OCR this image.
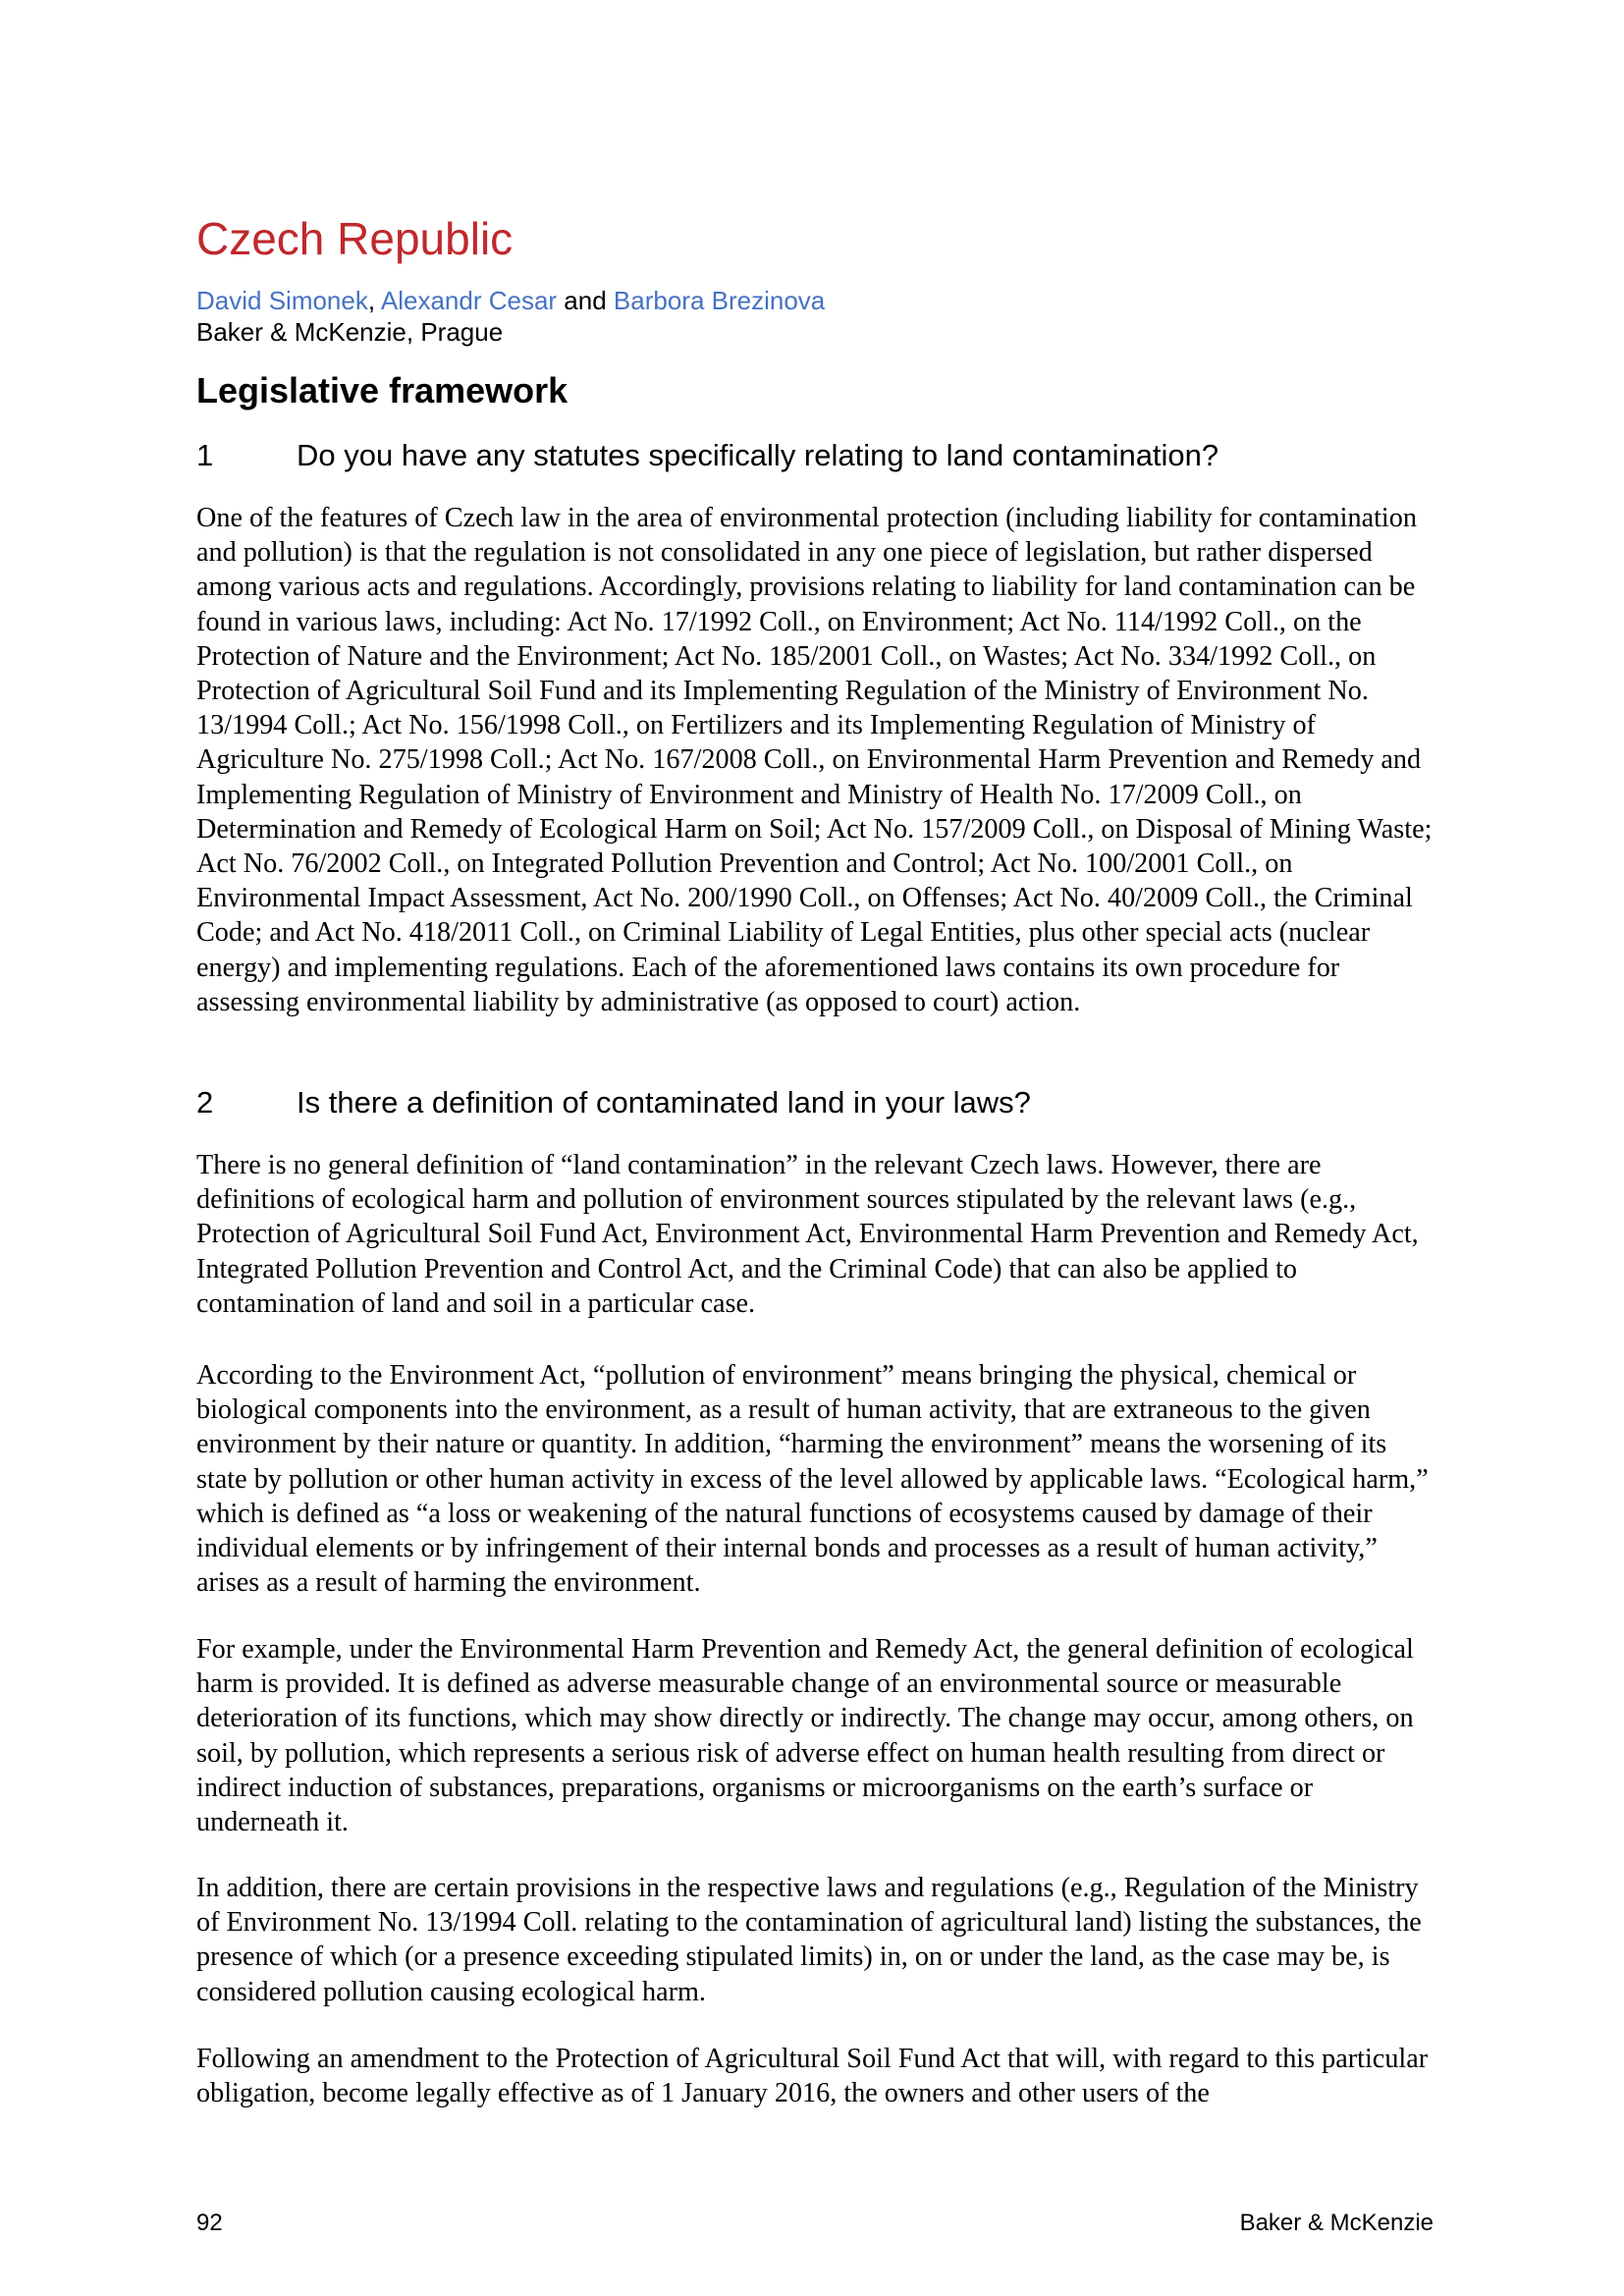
Czech Republic
David Simonek, Alexandr Cesar and Barbora Brezinova
Baker & McKenzie, Prague
Legislative framework
1	Do you have any statutes specifically relating to land contamination?

One of the features of Czech law in the area of environmental protection (including liability for contamination and pollution) is that the regulation is not consolidated in any one piece of legislation, but rather dispersed among various acts and regulations. Accordingly, provisions relating to liability for land contamination can be found in various laws, including: Act No. 17/1992 Coll., on Environment; Act No. 114/1992 Coll., on the Protection of Nature and the Environment; Act No. 185/2001 Coll., on Wastes; Act No. 334/1992 Coll., on Protection of Agricultural Soil Fund and its Implementing Regulation of the Ministry of Environment No. 13/1994 Coll.; Act No. 156/1998 Coll., on Fertilizers and its Implementing Regulation of Ministry of Agriculture No. 275/1998 Coll.; Act No. 167/2008 Coll., on Environmental Harm Prevention and Remedy and Implementing Regulation of Ministry of Environment and Ministry of Health No. 17/2009 Coll., on Determination and Remedy of Ecological Harm on Soil; Act No. 157/2009 Coll., on Disposal of Mining Waste; Act No. 76/2002 Coll., on Integrated Pollution Prevention and Control; Act No. 100/2001 Coll., on Environmental Impact Assessment, Act No. 200/1990 Coll., on Offenses; Act No. 40/2009 Coll., the Criminal Code; and Act No. 418/2011 Coll., on Criminal Liability of Legal Entities, plus other special acts (nuclear energy) and implementing regulations. Each of the aforementioned laws contains its own procedure for assessing environmental liability by administrative (as opposed to court) action.

2	Is there a definition of contaminated land in your laws?

There is no general definition of “land contamination” in the relevant Czech laws. However, there are definitions of ecological harm and pollution of environment sources stipulated by the relevant laws (e.g., Protection of Agricultural Soil Fund Act, Environment Act, Environmental Harm Prevention and Remedy Act, Integrated Pollution Prevention and Control Act, and the Criminal Code) that can also be applied to contamination of land and soil in a particular case.

According to the Environment Act, “pollution of environment” means bringing the physical, chemical or biological components into the environment, as a result of human activity, that are extraneous to the given environment by their nature or quantity. In addition, “harming the environment” means the worsening of its state by pollution or other human activity in excess of the level allowed by applicable laws. “Ecological harm,” which is defined as “a loss or weakening of the natural functions of ecosystems caused by damage of their individual elements or by infringement of their internal bonds and processes as a result of human activity,” arises as a result of harming the environment.

For example, under the Environmental Harm Prevention and Remedy Act, the general definition of ecological harm is provided. It is defined as adverse measurable change of an environmental source or measurable deterioration of its functions, which may show directly or indirectly. The change may occur, among others, on soil, by pollution, which represents a serious risk of adverse effect on human health resulting from direct or indirect induction of substances, preparations, organisms or microorganisms on the earth’s surface or underneath it.

In addition, there are certain provisions in the respective laws and regulations (e.g., Regulation of the Ministry of Environment No. 13/1994 Coll. relating to the contamination of agricultural land) listing the substances, the presence of which (or a presence exceeding stipulated limits) in, on or under the land, as the case may be, is considered pollution causing ecological harm.

Following an amendment to the Protection of Agricultural Soil Fund Act that will, with regard to this particular obligation, become legally effective as of 1 January 2016, the owners and other users of the

92	Baker & McKenzie
